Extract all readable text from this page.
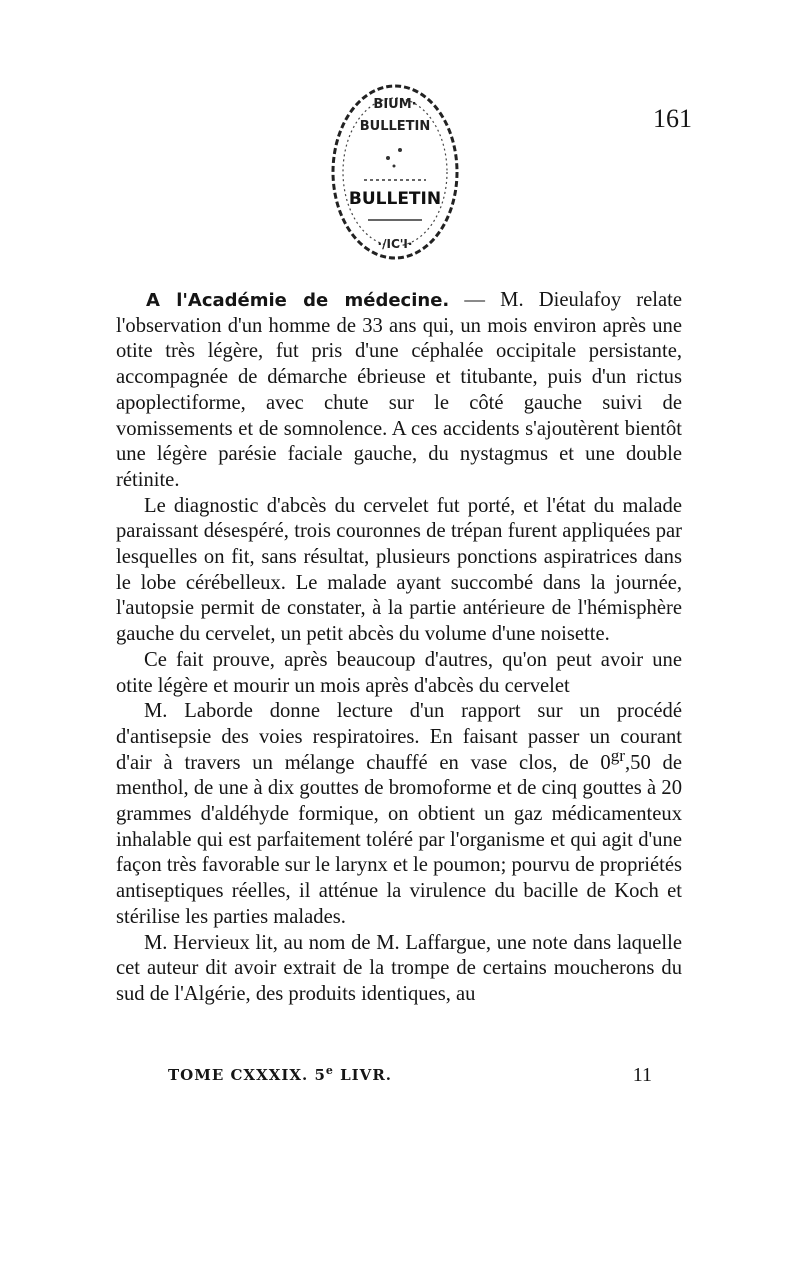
BIUM·
BULLETIN
BULLETIN
·/IC'I·
161

A l'Académie de médecine. — M. Dieulafoy relate l'observation d'un homme de 33 ans qui, un mois environ après une otite très légère, fut pris d'une céphalée occipitale persistante, accompagnée de démarche ébrieuse et titubante, puis d'un rictus apoplectiforme, avec chute sur le côté gauche suivi de vomissements et de somnolence. A ces accidents s'ajoutèrent bientôt une légère parésie faciale gauche, du nystagmus et une double rétinite.

Le diagnostic d'abcès du cervelet fut porté, et l'état du malade paraissant désespéré, trois couronnes de trépan furent appliquées par lesquelles on fit, sans résultat, plusieurs ponctions aspiratrices dans le lobe cérébelleux. Le malade ayant succombé dans la journée, l'autopsie permit de constater, à la partie antérieure de l'hémisphère gauche du cervelet, un petit abcès du volume d'une noisette.

Ce fait prouve, après beaucoup d'autres, qu'on peut avoir une otite légère et mourir un mois après d'abcès du cervelet

M. Laborde donne lecture d'un rapport sur un procédé d'antisepsie des voies respiratoires. En faisant passer un courant d'air à travers un mélange chauffé en vase clos, de $0^{gr},50$ de menthol, de une à dix gouttes de bromoforme et de cinq gouttes à 20 grammes d'aldéhyde formique, on obtient un gaz médicamenteux inhalable qui est parfaitement toléré par l'organisme et qui agit d'une façon très favorable sur le larynx et le poumon; pourvu de propriétés antiseptiques réelles, il atténue la virulence du bacille de Koch et stérilise les parties malades.

M. Hervieux lit, au nom de M. Laffargue, une note dans laquelle cet auteur dit avoir extrait de la trompe de certains moucherons du sud de l'Algérie, des produits identiques, au

TOME CXXXIX. 5e LIVR.	11
